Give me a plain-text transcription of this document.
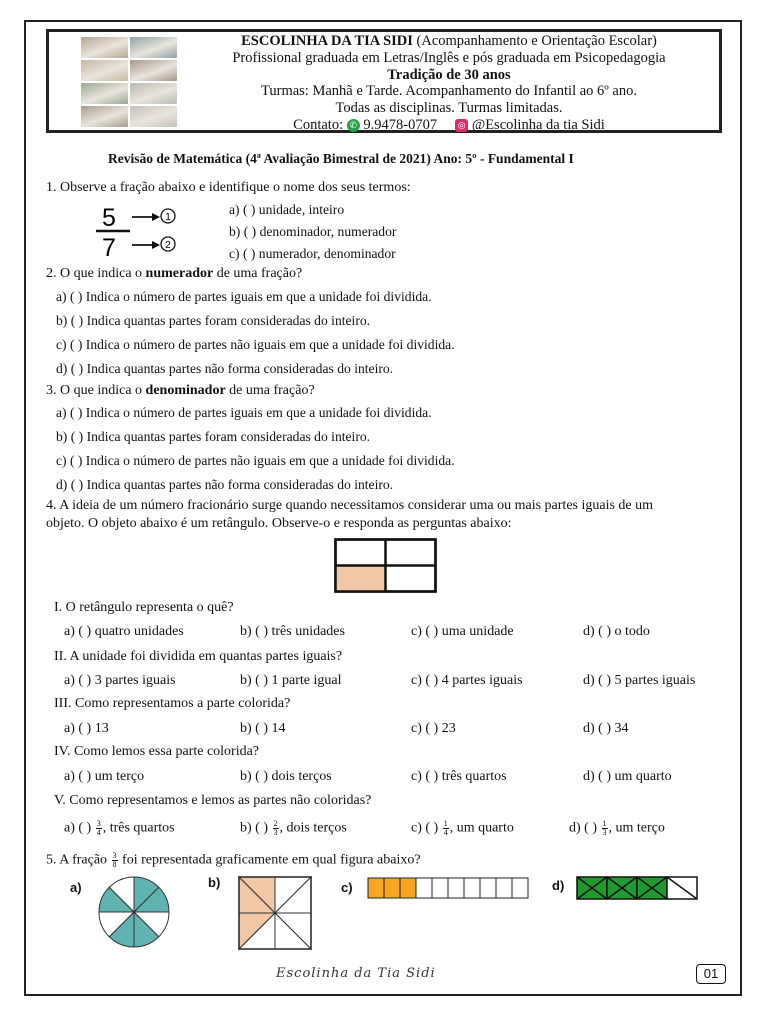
ESCOLINHA DA TIA SIDI (Acompanhamento e Orientação Escolar)
Profissional graduada em Letras/Inglês e pós graduada em Psicopedagogia
Tradição de 30 anos
Turmas: Manhã e Tarde. Acompanhamento do Infantil ao 6º ano.
Todas as disciplinas. Turmas limitadas.
Contato: ✆ 9.9478-0707 ◎ @Escolinha da tia Sidi
Revisão de Matemática (4ª Avaliação Bimestral de 2021) Ano: 5º - Fundamental I
1. Observe a fração abaixo e identifique o nome dos seus termos:
5
7
1
2
a) ( ) unidade, inteiro
b) ( ) denominador, numerador
c) ( ) numerador, denominador
2. O que indica o numerador de uma fração?
a) ( ) Indica o número de partes iguais em que a unidade foi dividida.
b) ( ) Indica quantas partes foram consideradas do inteiro.
c) ( ) Indica o número de partes não iguais em que a unidade foi dividida.
d) ( ) Indica quantas partes não forma consideradas do inteiro.
3. O que indica o denominador de uma fração?
a) ( ) Indica o número de partes iguais em que a unidade foi dividida.
b) ( ) Indica quantas partes foram consideradas do inteiro.
c) ( ) Indica o número de partes não iguais em que a unidade foi dividida.
d) ( ) Indica quantas partes não forma consideradas do inteiro.
4. A ideia de um número fracionário surge quando necessitamos considerar uma ou mais partes iguais de um
objeto. O objeto abaixo é um retângulo. Observe-o e responda as perguntas abaixo:
I. O retângulo representa o quê?
a) ( ) quatro unidades	b) ( ) três unidades	c) ( ) uma unidade	d) ( ) o todo
II. A unidade foi dividida em quantas partes iguais?
a) ( ) 3 partes iguais	b) ( ) 1 parte igual	c) ( ) 4 partes iguais	d) ( ) 5 partes iguais
III. Como representamos a parte colorida?
a) ( ) 13	b) ( ) 14	c) ( ) 23	d) ( ) 34
IV. Como lemos essa parte colorida?
a) ( ) um terço	b) ( ) dois terços	c) ( ) três quartos	d) ( ) um quarto
V. Como representamos e lemos as partes não coloridas?
a) ( ) $\frac{3}{4}$ , três quartos	b) ( ) $\frac{2}{3}$ , dois terços	c) ( ) $\frac{1}{4}$ , um quarto	d) ( ) $\frac{1}{3}$ , um terço
5. A fração $\frac{3}{8}$ foi representada graficamente em qual figura abaixo?
a)	b)	c)	d)
Escolinha da Tia Sidi	01
